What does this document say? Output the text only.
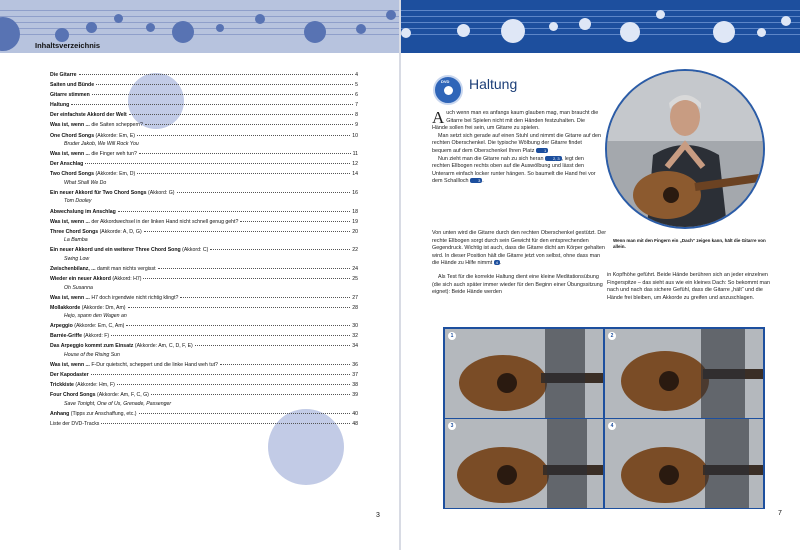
Inhaltsverzeichnis
Die Gitarre	4
Saiten und Bünde	5
Gitarre stimmen	6
Haltung	7
Der einfachste Akkord der Welt	8
Was ist, wenn ... die Saiten scheppern?	9
One Chord Songs (Akkorde: Em, E)	10
Bruder Jakob, We Will Rock You
Was ist, wenn ... die Finger weh tun?	11
Der Anschlag	12
Two Chord Songs (Akkorde: Em, D)	14
What Shall We Do
Ein neuer Akkord für Two Chord Songs (Akkord: G)	16
Tom Dooley
Abwechslung im Anschlag	18
Was ist, wenn ... der Akkordwechsel in der linken Hand nicht schnell genug geht?	19
Three Chord Songs (Akkorde: A, D, G)	20
La Bamba
Ein neuer Akkord und ein weiterer Three Chord Song (Akkord: C)	22
Swing Low
Zwischenbilanz, ... damit man nichts vergisst	24
Wieder ein neuer Akkord (Akkord: H7)	25
Oh Susanna
Was ist, wenn ... H7 doch irgendwie nicht richtig klingt?	27
Mollakkorde (Akkorde: Dm, Am)	28
Hejo, spann den Wagen an
Arpeggio (Akkorde: Em, C, Am)	30
Barrée-Griffe (Akkord: F)	32
Das Arpeggio kommt zum Einsatz (Akkorde: Am, C, D, F, E)	34
House of the Rising Sun
Was ist, wenn ... F-Dur quietscht, scheppert und die linke Hand weh tut?	36
Der Kapodaster	37
Trickkiste (Akkorde: Hm, F)	38
Four Chord Songs (Akkorde: Am, F, C, G)	39
Save Tonight, One of Us, Grenade, Passenger
Anhang (Tipps zur Anschaffung, etc.)	40
Liste der DVD-Tracks	48
3
DVD Haltung
Wenn man mit den Fingern ein „Dach“ zeigen kann, hält die Gitarre von allein.

Auch wenn man es anfangs kaum glauben mag, man braucht die Gitarre bei Spielen nicht mit den Händen festzuhalten. Die Hände sollen frei sein, um Gitarre zu spielen.

Man setzt sich gerade auf einen Stuhl und nimmt die Gitarre auf den rechten Oberschenkel. Die typische Wölbung der Gitarre findet bequem auf dem Oberschenkel Ihren Platz 1

Nun zieht man die Gitarre nah zu sich heran 2, 3 , legt den rechten Ellbogen rechts oben auf die Auswölbung und lässt den Unterarm einfach locker runter hängen. So baumelt die Hand frei vor dem Schallloch 3 .

Von unten wird die Gitarre durch den rechten Oberschenkel gestützt. Der rechte Ellbogen sorgt durch sein Gewicht für den entsprechenden Gegendruck. Wichtig ist auch, dass die Gitarre dicht am Körper gehalten wird. In dieser Position hält die Gitarre jetzt von selbst, ohne dass man die Hände zu Hilfe nimmt 4 .

Als Test für die korrekte Haltung dient eine kleine Meditationsübung (die sich auch später immer wieder für den Beginn einer Übungssitzung eignet): Beide Hände werden

in Kopfhöhe geführt. Beide Hände berühren sich an jeder einzelnen Fingerspitze – das sieht aus wie ein kleines Dach: So bekommt man nach und nach das sichere Gefühl, dass die Gitarre „hält“ und die Hände frei bleiben, um Akkorde zu greifen und anzuschlagen.

1	2
3	4
7
